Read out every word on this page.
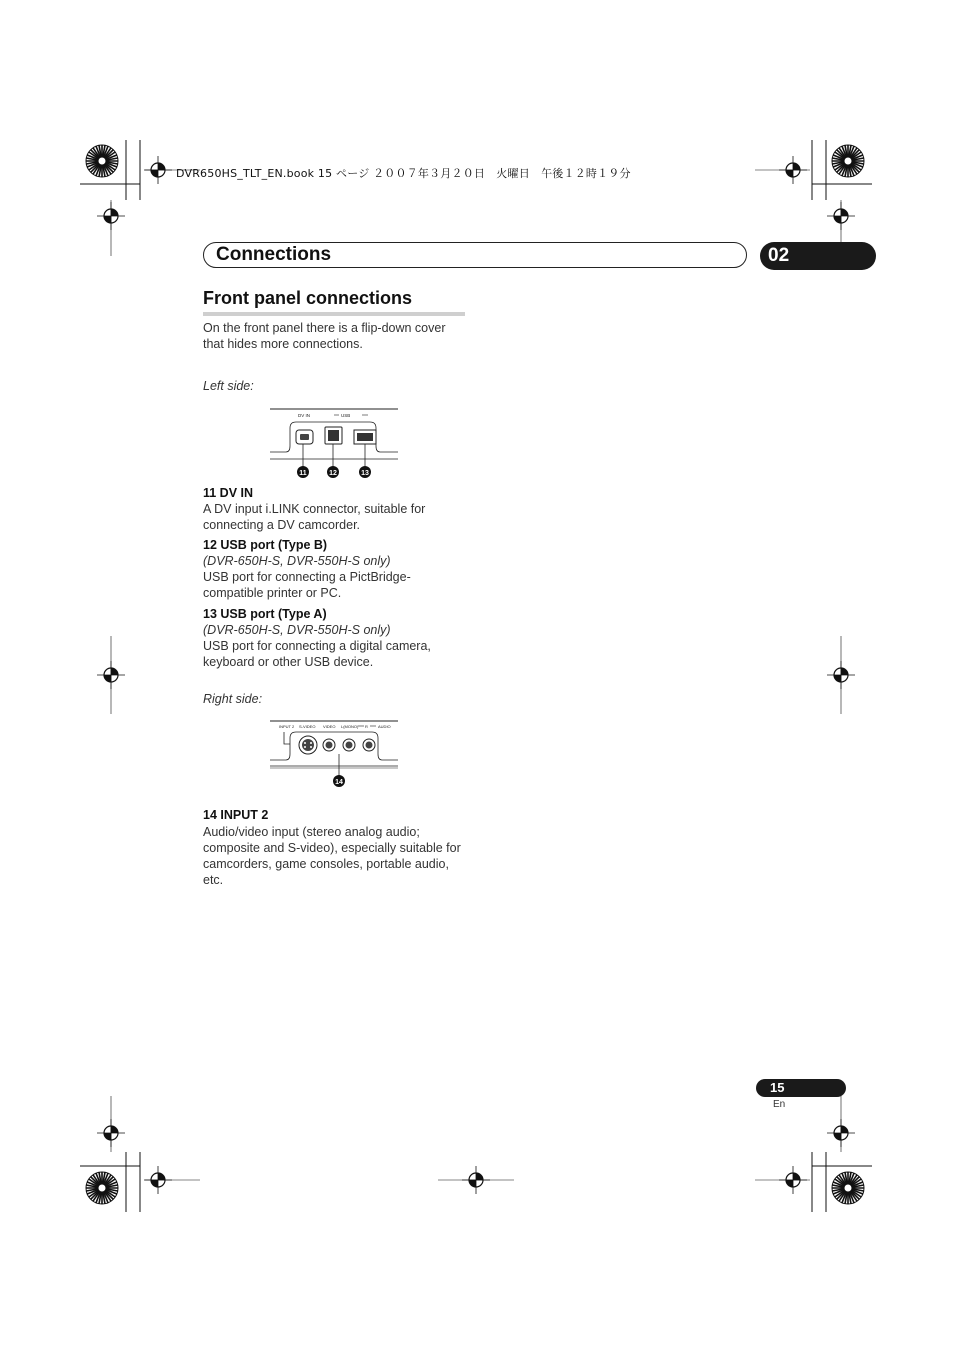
DVR650HS_TLT_EN.book 15 ページ ２００７年３月２０日　火曜日　午後１２時１９分
Connections	02
Front panel connections
On the front panel there is a flip-down cover that hides more connections.
Left side:
DV IN	USB
11	12	13
11 DV IN
A DV input i.LINK connector, suitable for connecting a DV camcorder.
12 USB port (Type B)
(DVR-650H-S, DVR-550H-S only)
USB port for connecting a PictBridge-compatible printer or PC.
13 USB port (Type A)
(DVR-650H-S, DVR-550H-S only)
USB port for connecting a digital camera, keyboard or other USB device.
Right side:
INPUT 2 S-VIDEO VIDEO L(MONO) R	AUDIO
14
14 INPUT 2
Audio/video input (stereo analog audio; composite and S-video), especially suitable for camcorders, game consoles, portable audio, etc.
15
En
